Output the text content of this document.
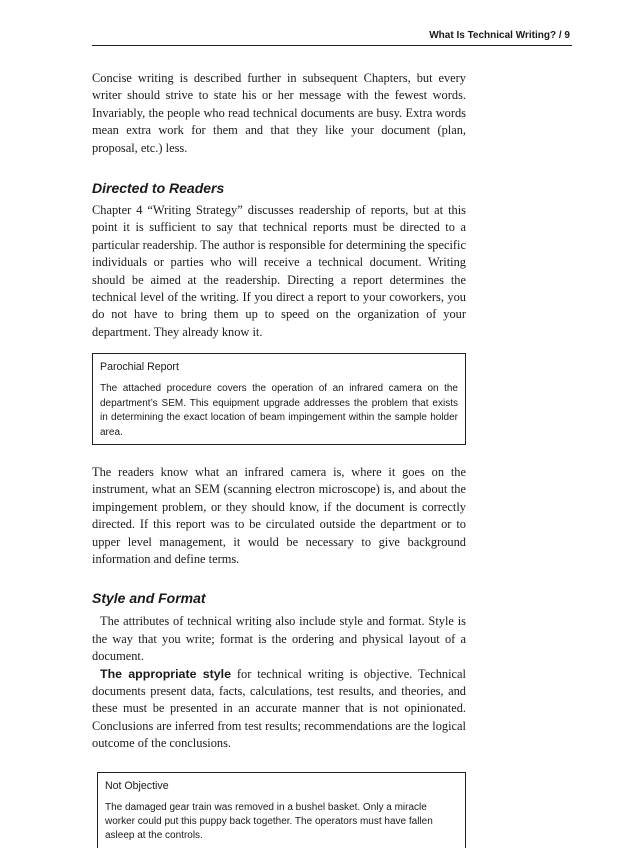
What Is Technical Writing? / 9

Concise writing is described further in subsequent Chapters, but every writer should strive to state his or her message with the fewest words. Invariably, the people who read technical documents are busy. Extra words mean extra work for them and that they like your document (plan, proposal, etc.) less.

Directed to Readers

Chapter 4 “Writing Strategy” discusses readership of reports, but at this point it is sufficient to say that technical reports must be directed to a particular readership. The author is responsible for determining the specific individuals or parties who will receive a technical document. Writing should be aimed at the readership. Directing a report determines the technical level of the writing. If you direct a report to your coworkers, you do not have to bring them up to speed on the organization of your department. They already know it.

Parochial Report

The attached procedure covers the operation of an infrared camera on the department’s SEM. This equipment upgrade addresses the problem that exists in determining the exact location of beam impingement within the sample holder area.

The readers know what an infrared camera is, where it goes on the instrument, what an SEM (scanning electron microscope) is, and about the impingement problem, or they should know, if the document is correctly directed. If this report was to be circulated outside the department or to upper level management, it would be necessary to give background information and define terms.

Style and Format

The attributes of technical writing also include style and format. Style is the way that you write; format is the ordering and physical layout of a document.

The appropriate style for technical writing is objective. Technical documents present data, facts, calculations, test results, and theories, and these must be presented in an accurate manner that is not opinionated. Conclusions are inferred from test results; recommendations are the logical outcome of the conclusions.

Not Objective

The damaged gear train was removed in a bushel basket. Only a miracle worker could put this puppy back together. The operators must have fallen asleep at the controls.
